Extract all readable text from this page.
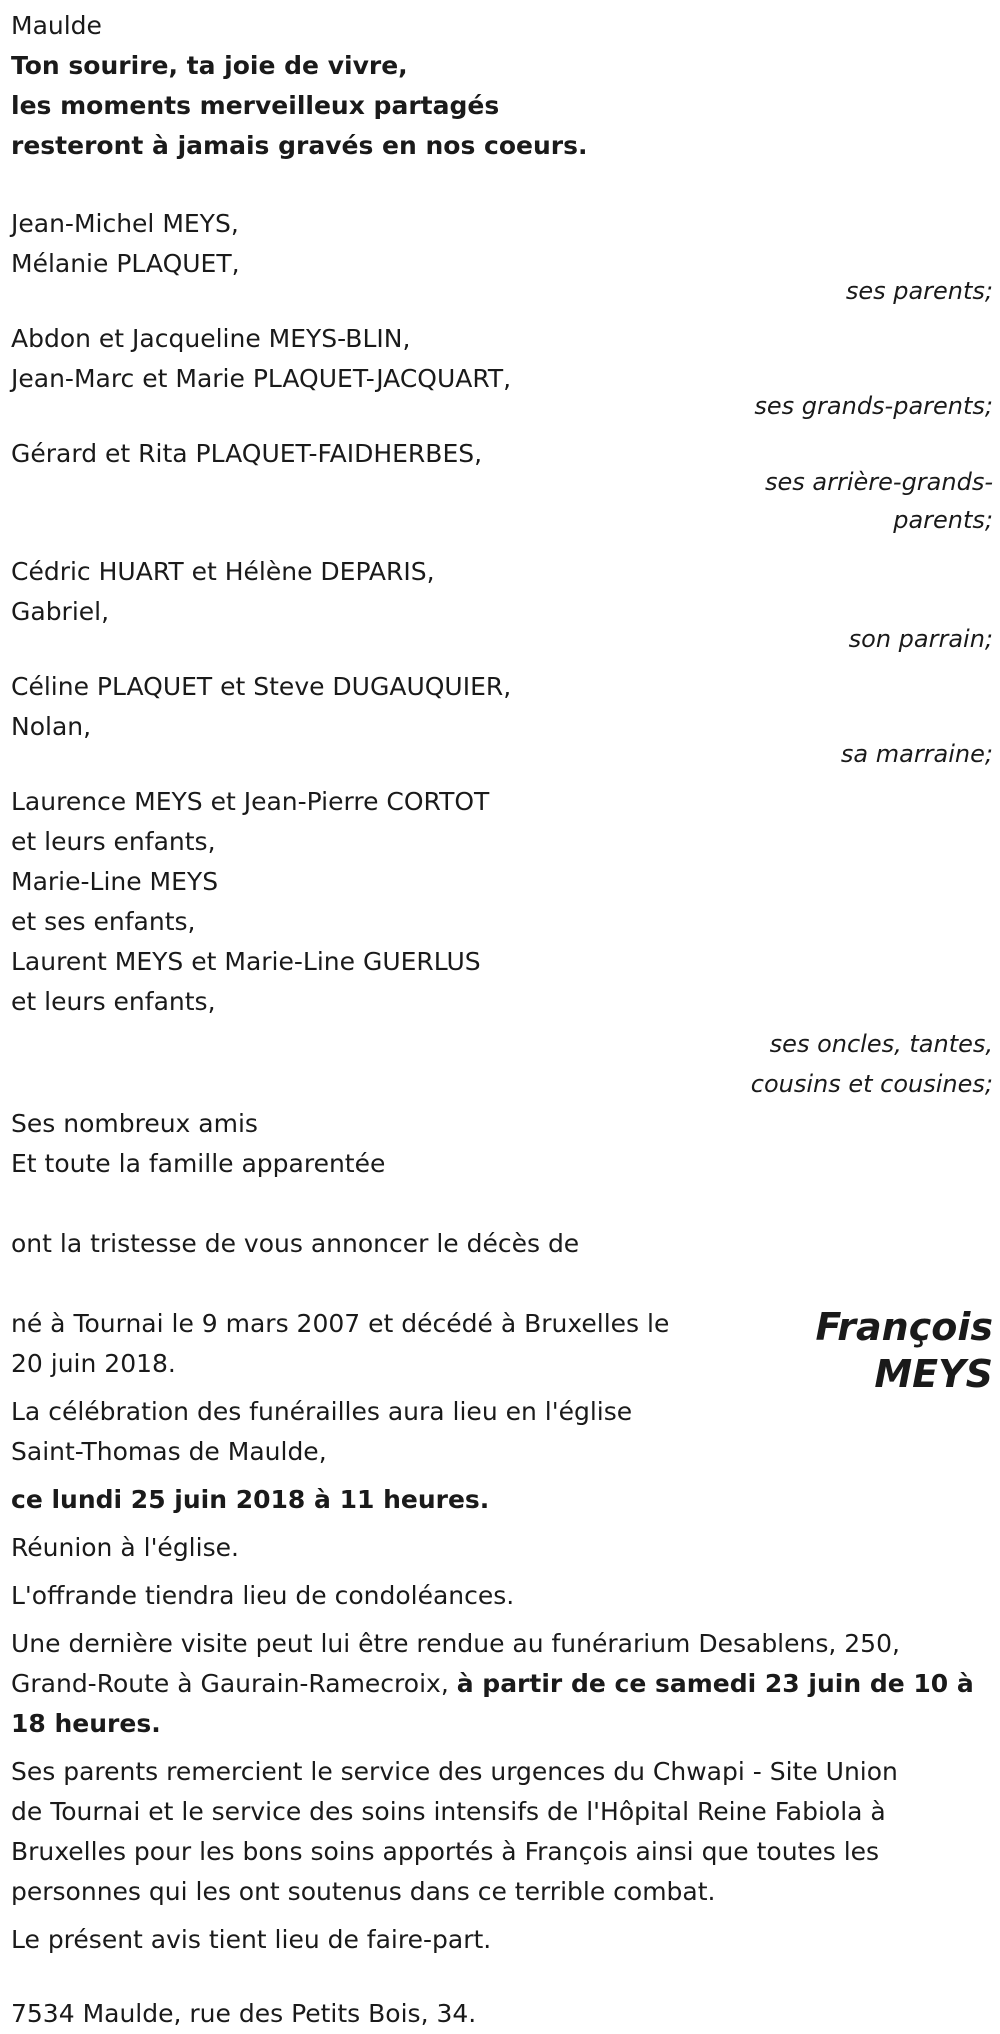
Maulde
Ton sourire, ta joie de vivre,
les moments merveilleux partagés
resteront à jamais gravés en nos coeurs.
Jean-Michel MEYS,
Mélanie PLAQUET,
ses parents;
Abdon et Jacqueline MEYS-BLIN,
Jean-Marc et Marie PLAQUET-JACQUART,
ses grands-parents;
Gérard et Rita PLAQUET-FAIDHERBES,
ses arrière-grands-
parents;
Cédric HUART et Hélène DEPARIS,
Gabriel,
son parrain;
Céline PLAQUET et Steve DUGAUQUIER,
Nolan,
sa marraine;
Laurence MEYS et Jean-Pierre CORTOT
et leurs enfants,
Marie-Line MEYS
et ses enfants,
Laurent MEYS et Marie-Line GUERLUS
et leurs enfants,
ses oncles, tantes,
cousins et cousines;
Ses nombreux amis
Et toute la famille apparentée
ont la tristesse de vous annoncer le décès de
né à Tournai le 9 mars 2007 et décédé à Bruxelles le
20 juin 2018.
François
MEYS
La célébration des funérailles aura lieu en l'église
Saint-Thomas de Maulde,
ce lundi 25 juin 2018 à 11 heures.
Réunion à l'église.
L'offrande tiendra lieu de condoléances.
Une dernière visite peut lui être rendue au funérarium Desablens, 250,
Grand-Route à Gaurain-Ramecroix, à partir de ce samedi 23 juin de 10 à
18 heures.
Ses parents remercient le service des urgences du Chwapi - Site Union
de Tournai et le service des soins intensifs de l'Hôpital Reine Fabiola à
Bruxelles pour les bons soins apportés à François ainsi que toutes les
personnes qui les ont soutenus dans ce terrible combat.
Le présent avis tient lieu de faire-part.
7534 Maulde, rue des Petits Bois, 34.
